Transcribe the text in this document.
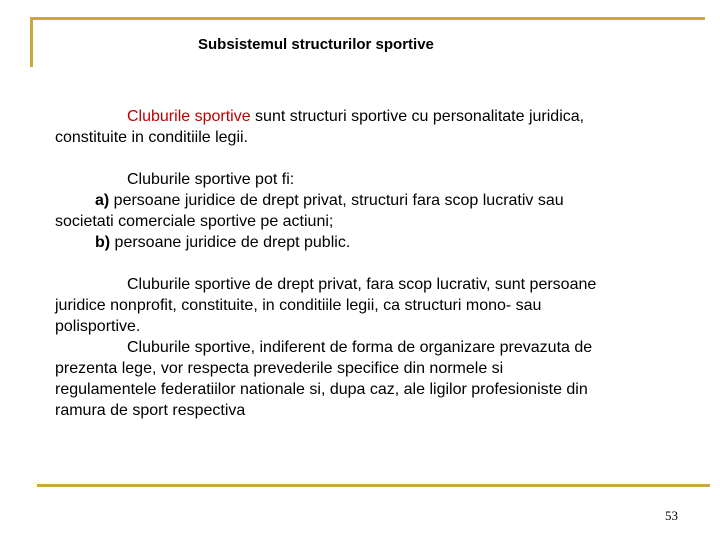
Subsistemul structurilor sportive

Cluburile sportive sunt structuri sportive cu personalitate juridica,

constituite in conditiile legii.

Cluburile sportive pot fi:

a) persoane juridice de drept privat, structuri fara scop lucrativ sau

societati comerciale sportive pe actiuni;

b) persoane juridice de drept public.

Cluburile sportive de drept privat, fara scop lucrativ, sunt persoane

juridice nonprofit, constituite, in conditiile legii, ca structuri mono- sau

polisportive.

Cluburile sportive, indiferent de forma de organizare prevazuta de

prezenta lege, vor respecta prevederile specifice din normele si

regulamentele federatiilor nationale si, dupa caz, ale ligilor profesioniste din

ramura de sport respectiva

53
